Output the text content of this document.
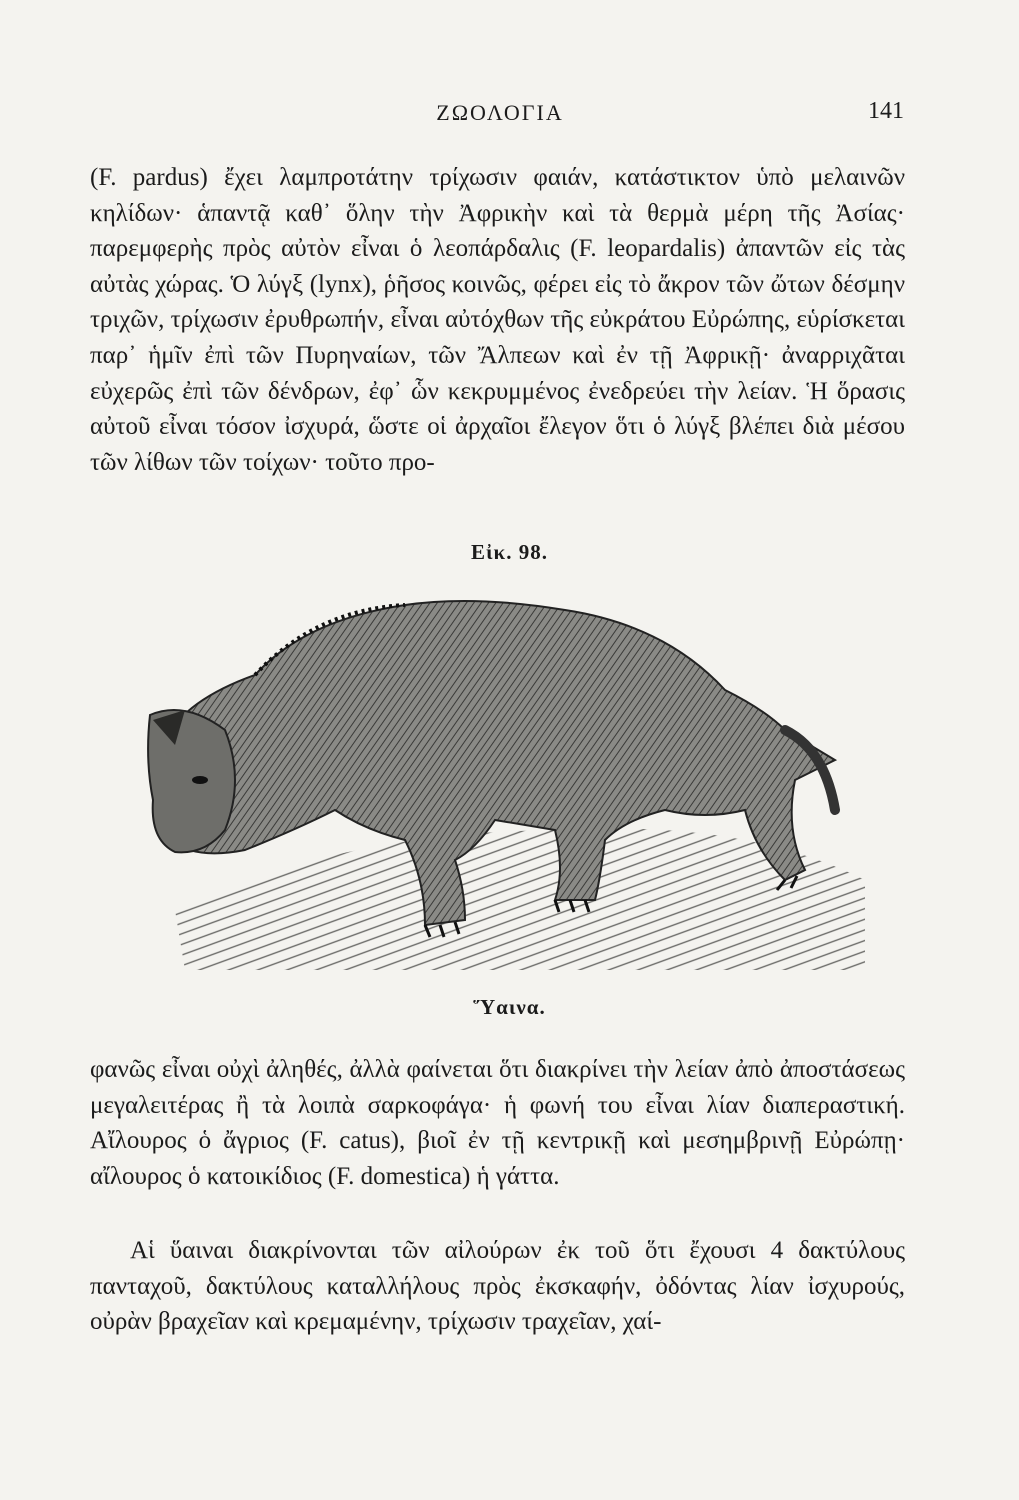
ΖΩΟΛΟΓΙΑ	141

(F. pardus) ἔχει λαμπροτάτην τρίχωσιν φαιάν, κατάστικτον ὑπὸ μελαινῶν κηλίδων· ἁπαντᾷ καθ᾽ ὅλην τὴν Ἀφρικὴν καὶ τὰ θερμὰ μέρη τῆς Ἀσίας· παρεμφερὴς πρὸς αὐτὸν εἶναι ὁ λεοπάρδαλις (F. leopardalis) ἀπαντῶν εἰς τὰς αὐτὰς χώρας. Ὁ λύγξ (lynx), ῥῆσος κοινῶς, φέρει εἰς τὸ ἄκρον τῶν ὤτων δέσμην τριχῶν, τρίχωσιν ἐρυθρωπήν, εἶναι αὐτόχθων τῆς εὐκράτου Εὐρώπης, εὑρίσκεται παρ᾽ ἡμῖν ἐπὶ τῶν Πυρηναίων, τῶν Ἄλπεων καὶ ἐν τῇ Ἀφρικῇ· ἀναρριχᾶται εὐχερῶς ἐπὶ τῶν δένδρων, ἐφ᾽ ὧν κεκρυμμένος ἐνεδρεύει τὴν λείαν. Ἡ ὅρασις αὐτοῦ εἶναι τόσον ἰσχυρά, ὥστε οἱ ἀρχαῖοι ἔλεγον ὅτι ὁ λύγξ βλέπει διὰ μέσου τῶν λίθων τῶν τοίχων· τοῦτο προ-

Εἰκ. 98.
Ὕαινα.

φανῶς εἶναι οὐχὶ ἀληθές, ἀλλὰ φαίνεται ὅτι διακρίνει τὴν λείαν ἀπὸ ἀποστάσεως μεγαλειτέρας ἢ τὰ λοιπὰ σαρκοφάγα· ἡ φωνή του εἶναι λίαν διαπεραστική. Αἴλουρος ὁ ἄγριος (F. catus), βιοῖ ἐν τῇ κεντρικῇ καὶ μεσημβρινῇ Εὐρώπῃ· αἴλουρος ὁ κατοικίδιος (F. domestica) ἡ γάττα.

Αἱ ὕαιναι διακρίνονται τῶν αἰλούρων ἐκ τοῦ ὅτι ἔχουσι 4 δακτύλους πανταχοῦ, δακτύλους καταλλήλους πρὸς ἐκσκαφήν, ὀδόντας λίαν ἰσχυρούς, οὐρὰν βραχεῖαν καὶ κρεμαμένην, τρίχωσιν τραχεῖαν, χαί-
